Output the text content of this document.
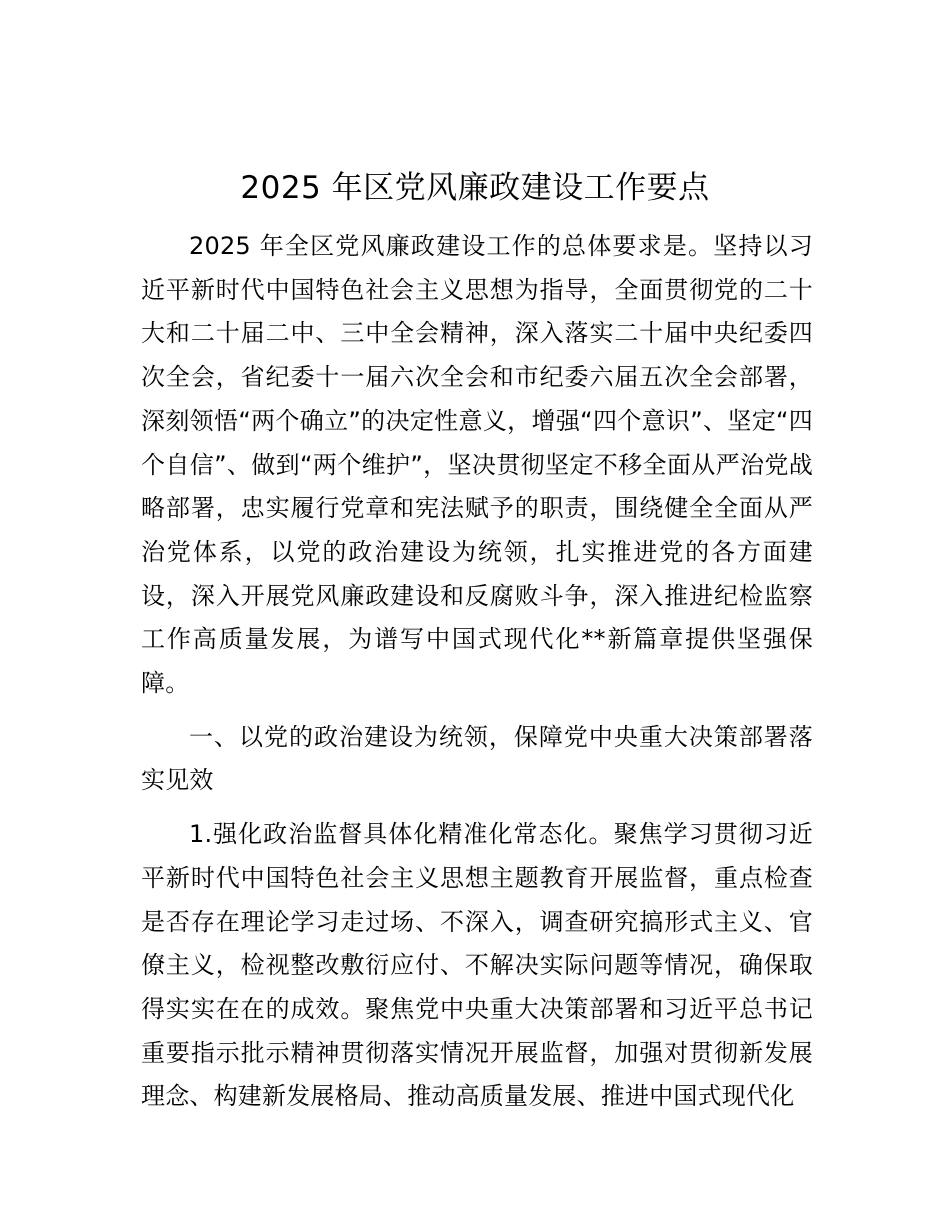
2025 年区党风廉政建设工作要点

2025 年全区党风廉政建设工作的总体要求是。坚持以习近平新时代中国特色社会主义思想为指导，全面贯彻党的二十大和二十届二中、三中全会精神，深入落实二十届中央纪委四次全会，省纪委十一届六次全会和市纪委六届五次全会部署，深刻领悟“两个确立”的决定性意义，增强“四个意识”、坚定“四个自信”、做到“两个维护”，坚决贯彻坚定不移全面从严治党战略部署，忠实履行党章和宪法赋予的职责，围绕健全全面从严治党体系，以党的政治建设为统领，扎实推进党的各方面建设，深入开展党风廉政建设和反腐败斗争，深入推进纪检监察工作高质量发展，为谱写中国式现代化**新篇章提供坚强保障。

一、以党的政治建设为统领，保障党中央重大决策部署落实见效

1.强化政治监督具体化精准化常态化。聚焦学习贯彻习近平新时代中国特色社会主义思想主题教育开展监督，重点检查是否存在理论学习走过场、不深入，调查研究搞形式主义、官僚主义，检视整改敷衍应付、不解决实际问题等情况，确保取得实实在在的成效。聚焦党中央重大决策部署和习近平总书记重要指示批示精神贯彻落实情况开展监督，加强对贯彻新发展理念、构建新发展格局、推动高质量发展、推进中国式现代化
